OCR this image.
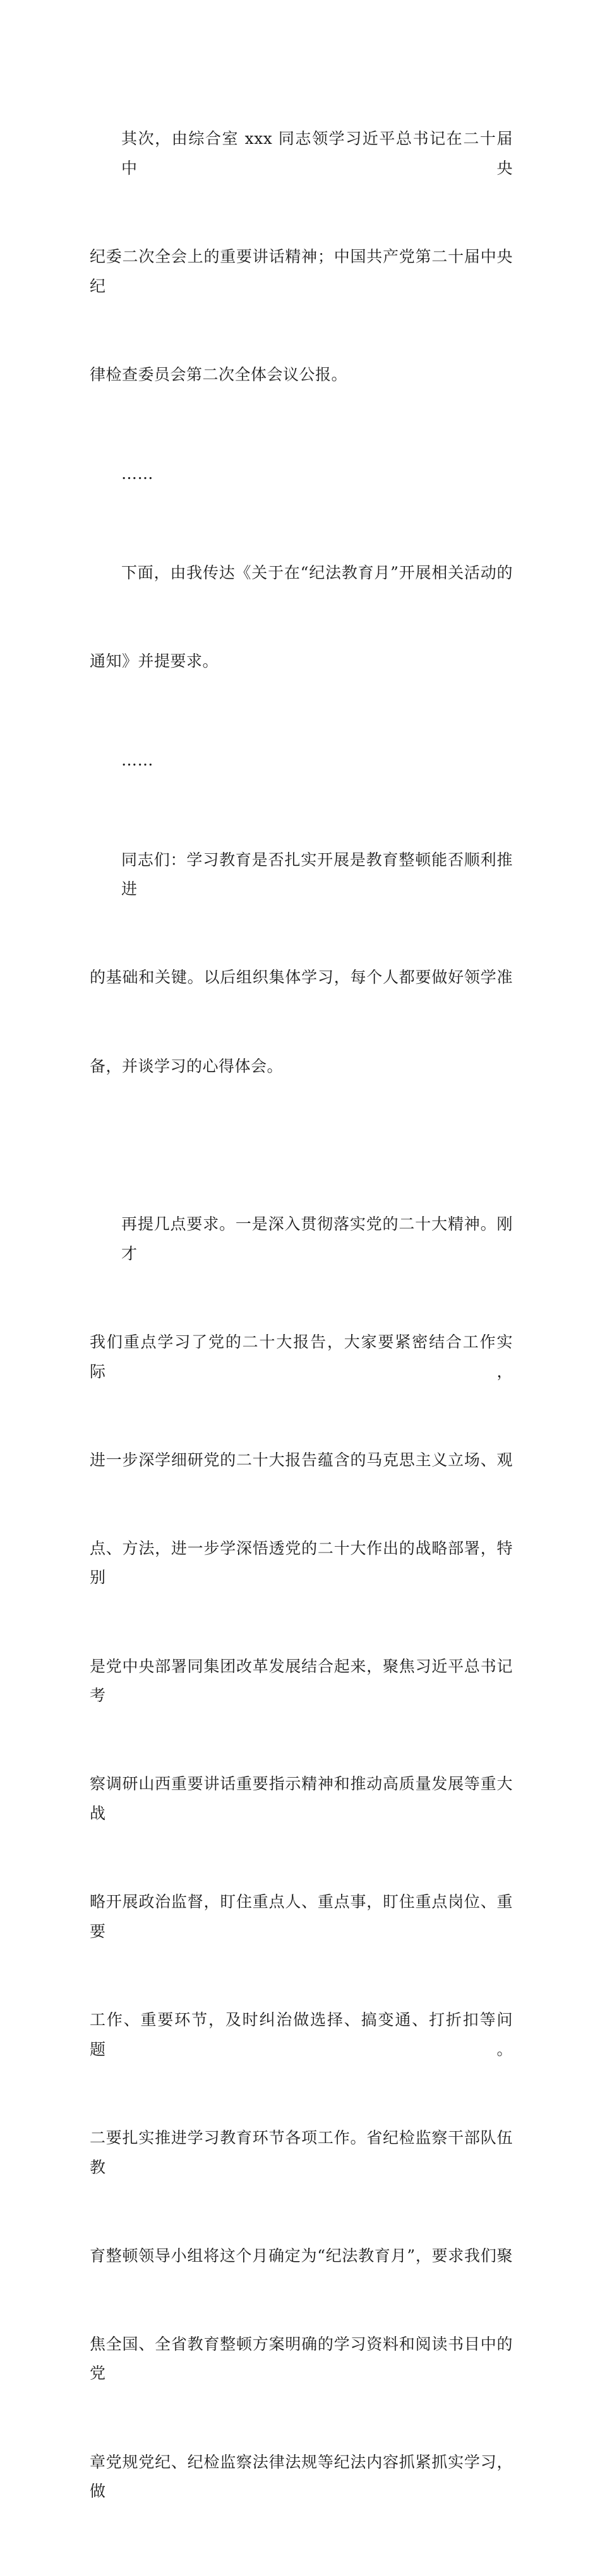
其次，由综合室 xxx 同志领学习近平总书记在二十届中央

纪委二次全会上的重要讲话精神；中国共产党第二十届中央纪

律检查委员会第二次全体会议公报。

……

下面，由我传达《关于在“纪法教育月”开展相关活动的

通知》并提要求。

……

同志们：学习教育是否扎实开展是教育整顿能否顺利推进

的基础和关键。以后组织集体学习，每个人都要做好领学准

备，并谈学习的心得体会。

再提几点要求。一是深入贯彻落实党的二十大精神。刚才

我们重点学习了党的二十大报告，大家要紧密结合工作实际，

进一步深学细研党的二十大报告蕴含的马克思主义立场、观

点、方法，进一步学深悟透党的二十大作出的战略部署，特别

是党中央部署同集团改革发展结合起来，聚焦习近平总书记考

察调研山西重要讲话重要指示精神和推动高质量发展等重大战

略开展政治监督，盯住重点人、重点事，盯住重点岗位、重要

工作、重要环节，及时纠治做选择、搞变通、打折扣等问题。

二要扎实推进学习教育环节各项工作。省纪检监察干部队伍教

育整顿领导小组将这个月确定为“纪法教育月”，要求我们聚

焦全国、全省教育整顿方案明确的学习资料和阅读书目中的党

章党规党纪、纪检监察法律法规等纪法内容抓紧抓实学习，做
